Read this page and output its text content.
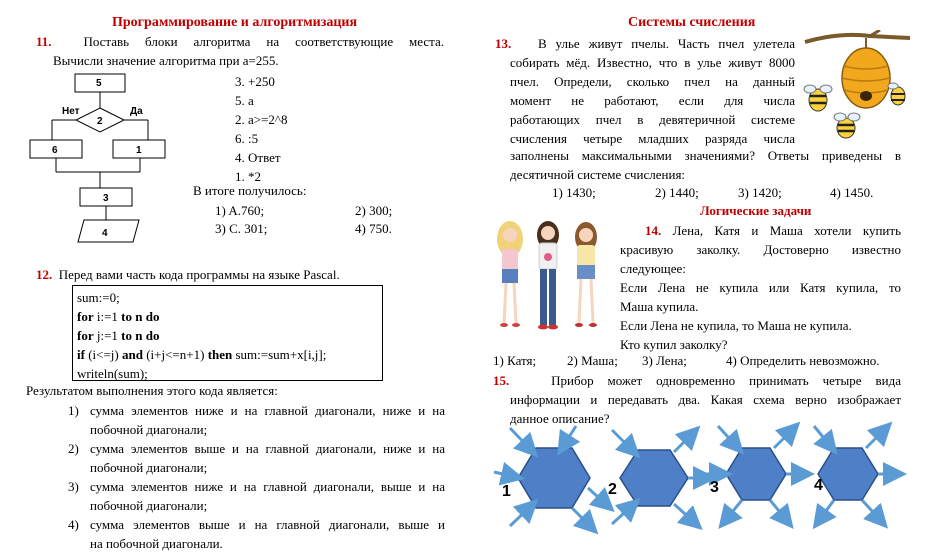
Программирование и алгоритмизация
11. Поставь блоки алгоритма на соответствующие места.
Вычисли значение алгоритма при a=255.
5
Нет	Да
2
6	1
3
4
3. +250
5. a
2. a>=2^8
6. :5
4. Ответ
1. *2
В итоге получилось:
1) A.760;	2) 300;
3) C. 301;	4) 750.
12. Перед вами часть кода программы на языке Pascal.
sum:=0;
for i:=1 to n do
for j:=1 to n do
if (i<=j) and (i+j<=n+1) then sum:=sum+x[i,j];
writeln(sum);
Результатом выполнения этого кода является:
1) сумма элементов ниже и на главной диагонали, ниже и на
побочной диагонали;
2) сумма элементов выше и на главной диагонали, ниже и на
побочной диагонали;
3) сумма элементов ниже и на главной диагонали, выше и на
побочной диагонали;
4) сумма элементов выше и на главной диагонали, выше и
на побочной диагонали.
Системы счисления
13. В улье живут пчелы. Часть пчел улетела
собирать мёд. Известно, что в улье живут 8000
пчел. Определи, сколько пчел на данный
момент не работают, если для числа
работающих пчел в девятеричной системе
счисления четыре младших разряда числа
заполнены максимальными значениями? Ответы приведены в
десятичной системе счисления:
1) 1430;	2) 1440;	3) 1420;	4) 1450.
Логические задачи
14. Лена, Катя и Маша хотели купить
красивую заколку. Достоверно известно
следующее:
Если Лена не купила или Катя купила, то
Маша купила.
Если Лена не купила, то Маша не купила.
Кто купил заколку?
1) Катя; 2) Маша; 3) Лена;	4) Определить невозможно.
15.	Прибор может одновременно принимать четыре вида
информации и передавать два. Какая схема верно изображает
данное описание?
1	2	3	4
